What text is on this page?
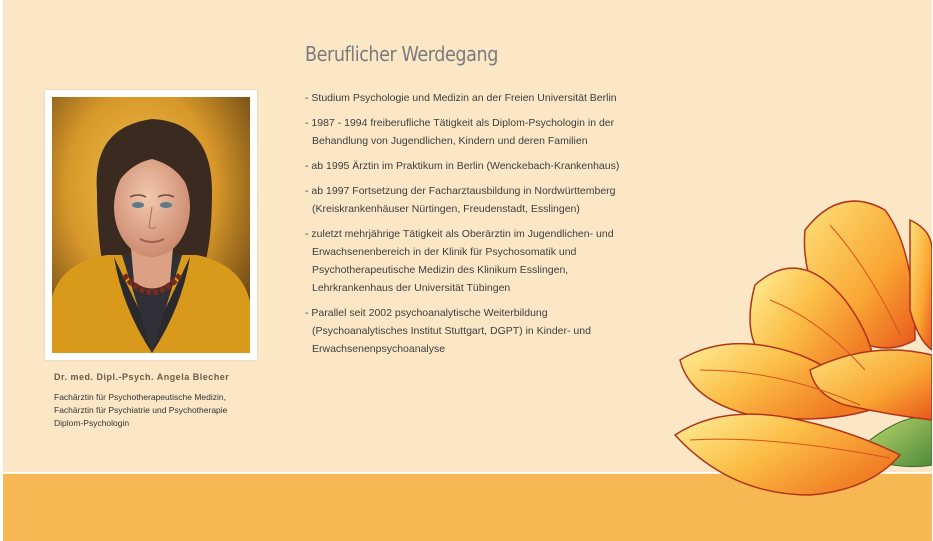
Dr. med. Dipl.-Psych. Angela Blecher
Fachärztin für Psychotherapeutische Medizin,
Fachärztin für Psychiatrie und Psychotherapie
Diplom-Psychologin
Beruflicher Werdegang
- Studium Psychologie und Medizin an der Freien Universität Berlin
- 1987 - 1994 freiberufliche Tätigkeit als Diplom-Psychologin in der
Behandlung von Jugendlichen, Kindern und deren Familien
- ab 1995 Ärztin im Praktikum in Berlin (Wenckebach-Krankenhaus)
- ab 1997 Fortsetzung der Facharztausbildung in Nordwürttemberg
(Kreiskrankenhäuser Nürtingen, Freudenstadt, Esslingen)
- zuletzt mehrjährige Tätigkeit als Oberärztin im Jugendlichen- und
Erwachsenenbereich in der Klinik für Psychosomatik und
Psychotherapeutische Medizin des Klinikum Esslingen,
Lehrkrankenhaus der Universität Tübingen
- Parallel seit 2002 psychoanalytische Weiterbildung
(Psychoanalytisches Institut Stuttgart, DGPT) in Kinder- und
Erwachsenenpsychoanalyse
